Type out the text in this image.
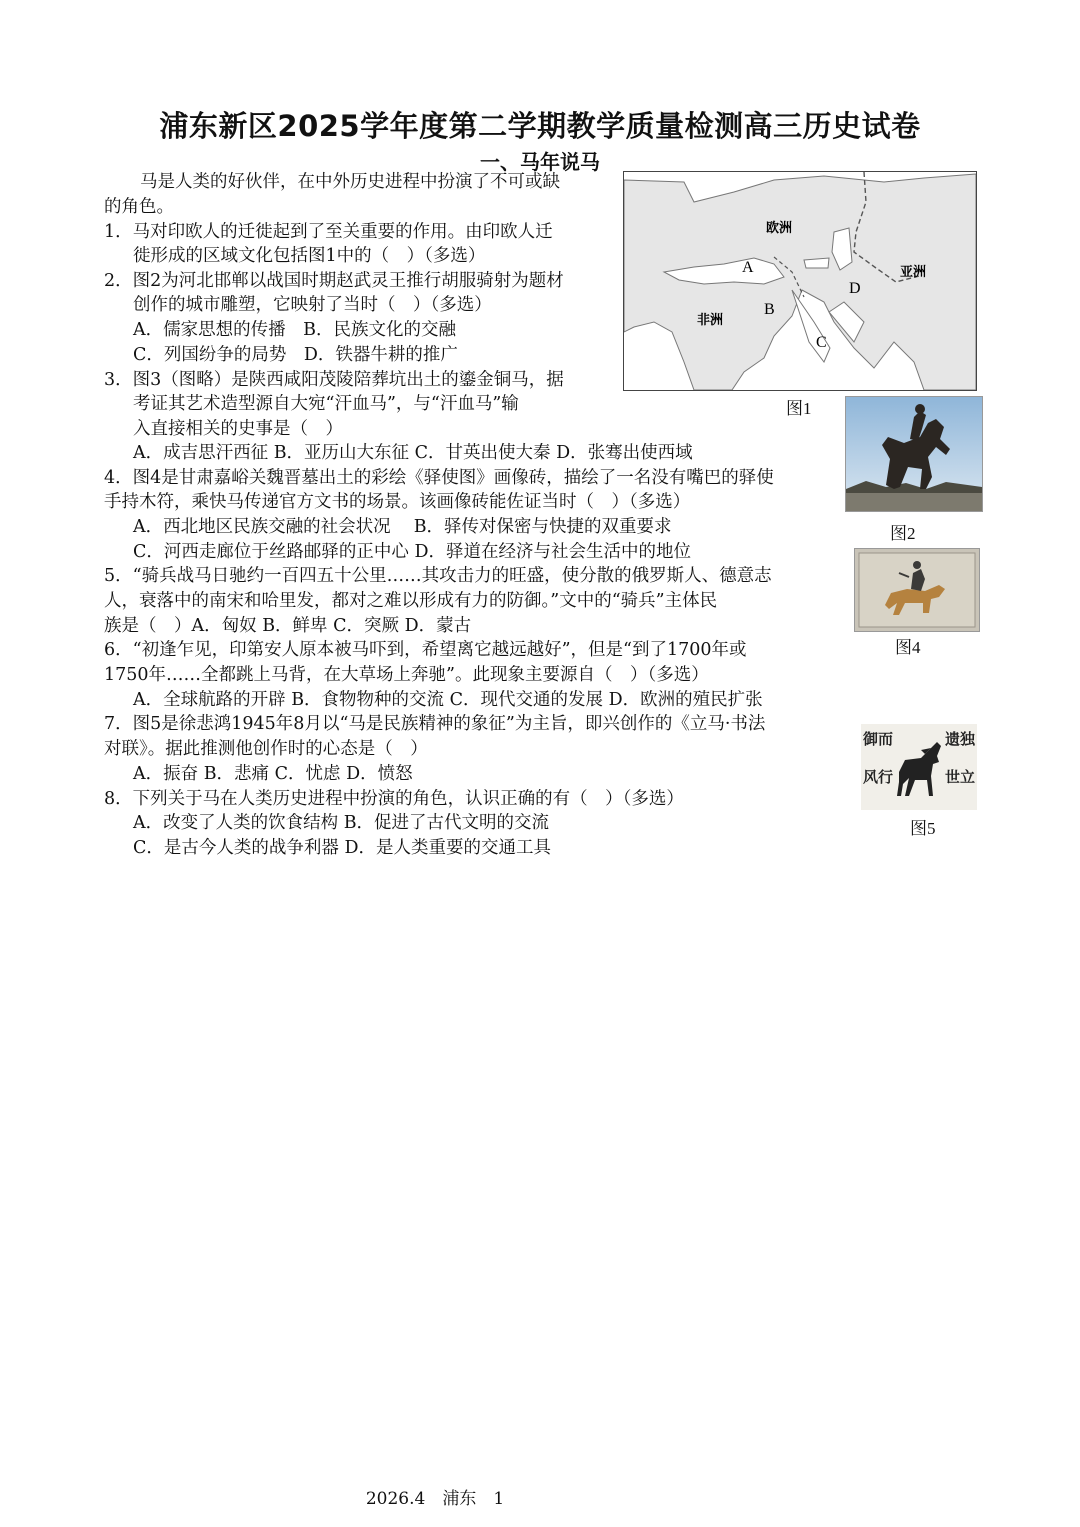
浦东新区2025学年度第二学期教学质量检测高三历史试卷
一、马年说马
马是人类的好伙伴，在中外历史进程中扮演了不可或缺
的角色。
1．马对印欧人的迁徙起到了至关重要的作用。由印欧人迁
徙形成的区域文化包括图1中的（　）（多选）
2．图2为河北邯郸以战国时期赵武灵王推行胡服骑射为题材
创作的城市雕塑，它映射了当时（　）（多选）
A．儒家思想的传播　B．民族文化的交融
C．列国纷争的局势　D．铁器牛耕的推广
3．图3（图略）是陕西咸阳茂陵陪葬坑出土的鎏金铜马，据
考证其艺术造型源自大宛“汗血马”，与“汗血马”输
入直接相关的史事是（　）
A．成吉思汗西征 B．亚历山大东征 C．甘英出使大秦 D．张骞出使西域
4．图4是甘肃嘉峪关魏晋墓出土的彩绘《驿使图》画像砖，描绘了一名没有嘴巴的驿使
手持木符，乘快马传递官方文书的场景。该画像砖能佐证当时（　）（多选）
A．西北地区民族交融的社会状况　 B．驿传对保密与快捷的双重要求
C．河西走廊位于丝路邮驿的正中心 D．驿道在经济与社会生活中的地位
5．“骑兵战马日驰约一百四五十公里……其攻击力的旺盛，使分散的俄罗斯人、德意志
人，衰落中的南宋和哈里发，都对之难以形成有力的防御。”文中的“骑兵”主体民
族是（　）A．匈奴 B．鲜卑 C．突厥 D．蒙古
6．“初逢乍见，印第安人原本被马吓到，希望离它越远越好”，但是“到了1700年或
1750年……全都跳上马背，在大草场上奔驰”。此现象主要源自（　）（多选）
A．全球航路的开辟 B．食物物种的交流 C．现代交通的发展 D．欧洲的殖民扩张
7．图5是徐悲鸿1945年8月以“马是民族精神的象征”为主旨，即兴创作的《立马·书法
对联》。据此推测他创作时的心态是（　）
A．振奋 B．悲痛 C．忧虑 D．愤怒
8．下列关于马在人类历史进程中扮演的角色，认识正确的有（　）（多选）
A．改变了人类的饮食结构 B．促进了古代文明的交流
C．是古今人类的战争利器 D．是人类重要的交通工具
欧洲
亚洲
非洲
A
B
C
D
图1
图2
图4
御
风
而
行
遗
世
独
立
图5
2026.4　浦东　1
